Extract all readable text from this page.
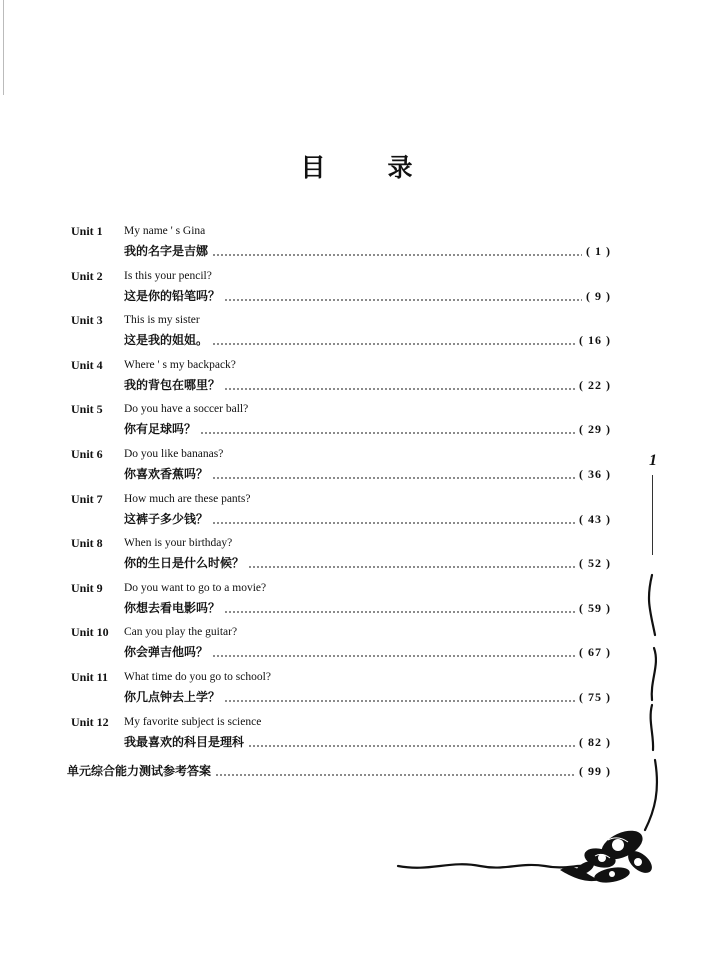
目 录
Unit 1 My name ' s Gina
我的名字是吉娜	( 1 )
Unit 2 Is this your pencil?
这是你的铅笔吗？	( 9 )
Unit 3 This is my sister
这是我的姐姐。	( 16 )
Unit 4 Where ' s my backpack?
我的背包在哪里？	( 22 )
Unit 5 Do you have a soccer ball?
你有足球吗？	( 29 )
Unit 6 Do you like bananas?
你喜欢香蕉吗？	( 36 )
Unit 7 How much are these pants?
这裤子多少钱？	( 43 )
Unit 8 When is your birthday?
你的生日是什么时候？	( 52 )
Unit 9 Do you want to go to a movie?
你想去看电影吗？	( 59 )
Unit 10 Can you play the guitar?
你会弹吉他吗？	( 67 )
Unit 11 What time do you go to school?
你几点钟去上学？	( 75 )
Unit 12 My favorite subject is science
我最喜欢的科目是理科	( 82 )
单元综合能力测试参考答案	( 99 )
1
